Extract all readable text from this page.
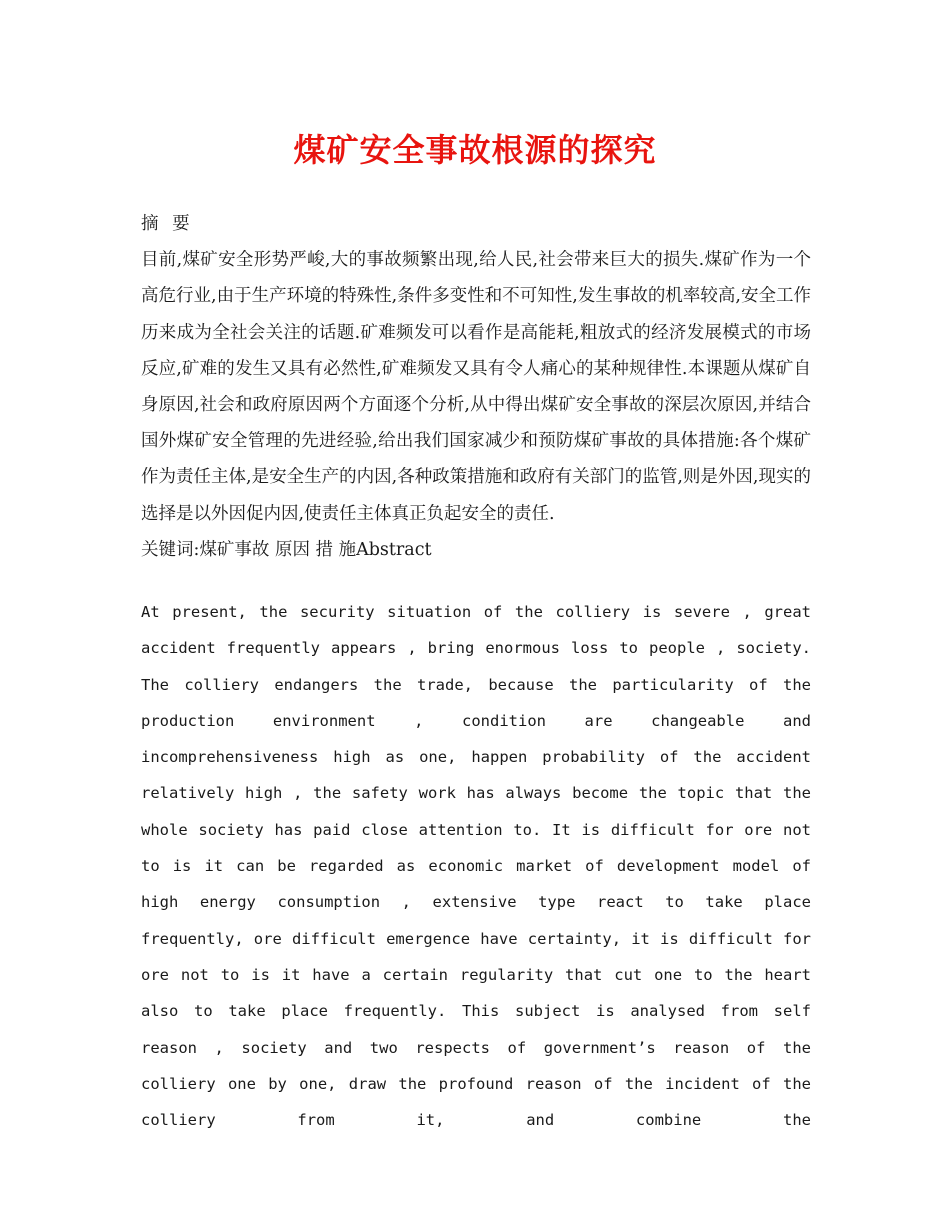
煤矿安全事故根源的探究
摘 要
目前,煤矿安全形势严峻,大的事故频繁出现,给人民,社会带来巨大的损失.煤矿作为一个高危行业,由于生产环境的特殊性,条件多变性和不可知性,发生事故的机率较高,安全工作历来成为全社会关注的话题.矿难频发可以看作是高能耗,粗放式的经济发展模式的市场反应,矿难的发生又具有必然性,矿难频发又具有令人痛心的某种规律性.本课题从煤矿自身原因,社会和政府原因两个方面逐个分析,从中得出煤矿安全事故的深层次原因,并结合国外煤矿安全管理的先进经验,给出我们国家减少和预防煤矿事故的具体措施:各个煤矿作为责任主体,是安全生产的内因,各种政策措施和政府有关部门的监管,则是外因,现实的选择是以外因促内因,使责任主体真正负起安全的责任.
关键词:煤矿事故 原因 措 施Abstract
At present, the security situation of the colliery is severe , great accident frequently appears , bring enormous loss to people , society. The colliery endangers the trade, because the particularity of the production environment , condition are changeable and incomprehensiveness high as one, happen probability of the accident relatively high , the safety work has always become the topic that the whole society has paid close attention to. It is difficult for ore not to is it can be regarded as economic market of development model of high energy consumption , extensive type react to take place frequently, ore difficult emergence have certainty, it is difficult for ore not to is it have a certain regularity that cut one to the heart also to take place frequently. This subject is analysed from self reason , society and two respects of government’s reason of the colliery one by one, draw the profound reason of the incident of the colliery from it, and combine the
